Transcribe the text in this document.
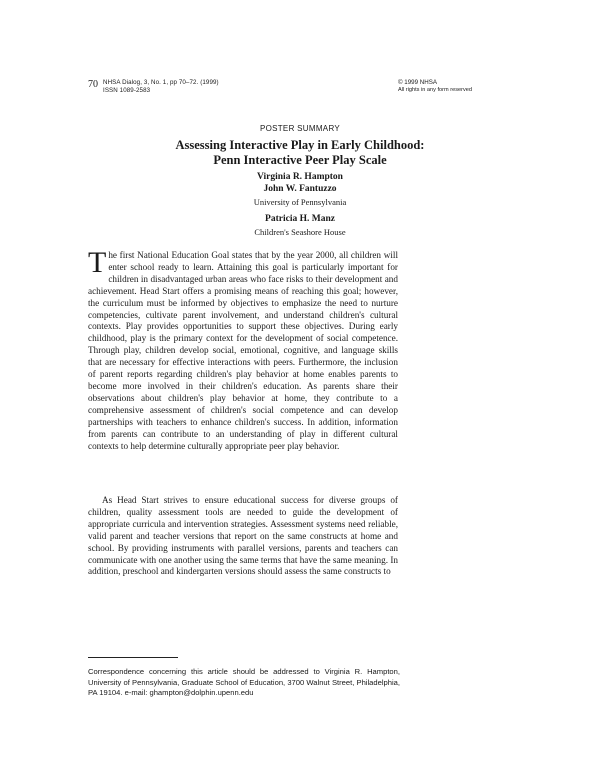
70 NHSA Dialog, 3, No. 1, pp 70–72. (1999)
ISSN 1089-2583
© 1999 NHSA
All rights in any form reserved
POSTER SUMMARY
Assessing Interactive Play in Early Childhood:
Penn Interactive Peer Play Scale
Virginia R. Hampton
John W. Fantuzzo
University of Pennsylvania
Patricia H. Manz
Children's Seashore House

The first National Education Goal states that by the year 2000, all children will enter school ready to learn. Attaining this goal is particularly important for children in disadvantaged urban areas who face risks to their development and achievement. Head Start offers a promising means of reaching this goal; however, the curriculum must be informed by objectives to emphasize the need to nurture competencies, cultivate parent involvement, and understand children's cultural contexts. Play provides opportunities to support these objectives. During early childhood, play is the primary context for the development of social competence. Through play, children develop social, emotional, cognitive, and language skills that are necessary for effective interactions with peers. Furthermore, the inclusion of parent reports regarding children's play behavior at home enables parents to become more involved in their children's education. As parents share their observations about children's play behavior at home, they contribute to a comprehensive assessment of children's social competence and can develop partnerships with teachers to enhance children's success. In addition, information from parents can contribute to an understanding of play in different cultural contexts to help determine culturally appropriate peer play behavior.

As Head Start strives to ensure educational success for diverse groups of children, quality assessment tools are needed to guide the development of appropriate curricula and intervention strategies. Assessment systems need reliable, valid parent and teacher versions that report on the same constructs at home and school. By providing instruments with parallel versions, parents and teachers can communicate with one another using the same terms that have the same meaning. In addition, preschool and kindergarten versions should assess the same constructs to

Correspondence concerning this article should be addressed to Virginia R. Hampton, University of Pennsylvania, Graduate School of Education, 3700 Walnut Street, Philadelphia, PA 19104. e-mail: ghampton@dolphin.upenn.edu
